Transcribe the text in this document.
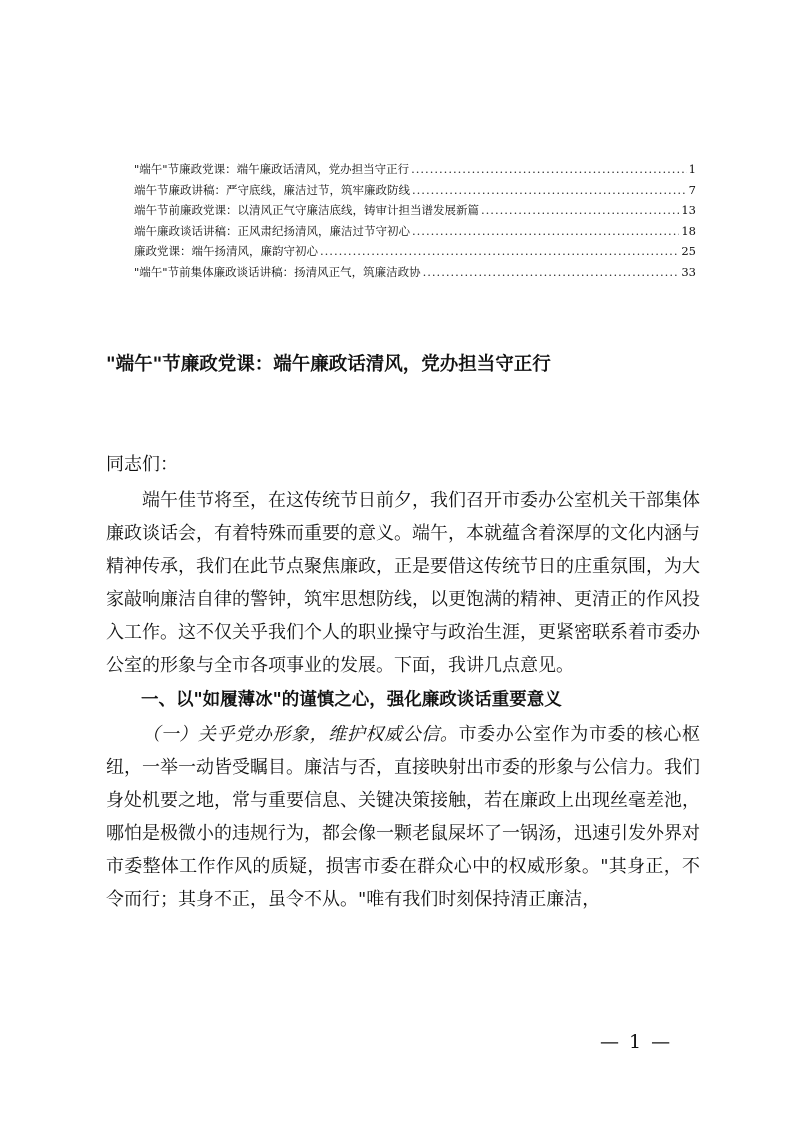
"端午"节廉政党课：端午廉政话清风，党办担当守正行 .....	1
端午节廉政讲稿：严守底线，廉洁过节，筑牢廉政防线 .....	7
端午节前廉政党课：以清风正气守廉洁底线，铸审计担当谱发展新篇 .....	13
端午廉政谈话讲稿：正风肃纪扬清风，廉洁过节守初心 .....	18
廉政党课：端午扬清风，廉韵守初心 .....	25
"端午"节前集体廉政谈话讲稿：扬清风正气，筑廉洁政协 .....	33
"端午"节廉政党课：端午廉政话清风，党办担当守正行

同志们：

端午佳节将至，在这传统节日前夕，我们召开市委办公室机关干部集体廉政谈话会，有着特殊而重要的意义。端午，本就蕴含着深厚的文化内涵与精神传承，我们在此节点聚焦廉政，正是要借这传统节日的庄重氛围，为大家敲响廉洁自律的警钟，筑牢思想防线，以更饱满的精神、更清正的作风投入工作。这不仅关乎我们个人的职业操守与政治生涯，更紧密联系着市委办公室的形象与全市各项事业的发展。下面，我讲几点意见。

一、以"如履薄冰"的谨慎之心，强化廉政谈话重要意义

（一）关乎党办形象，维护权威公信。市委办公室作为市委的核心枢纽，一举一动皆受瞩目。廉洁与否，直接映射出市委的形象与公信力。我们身处机要之地，常与重要信息、关键决策接触，若在廉政上出现丝毫差池，哪怕是极微小的违规行为，都会像一颗老鼠屎坏了一锅汤，迅速引发外界对市委整体工作作风的质疑，损害市委在群众心中的权威形象。"其身正，不令而行；其身不正，虽令不从。"唯有我们时刻保持清正廉洁，

— 1 —
